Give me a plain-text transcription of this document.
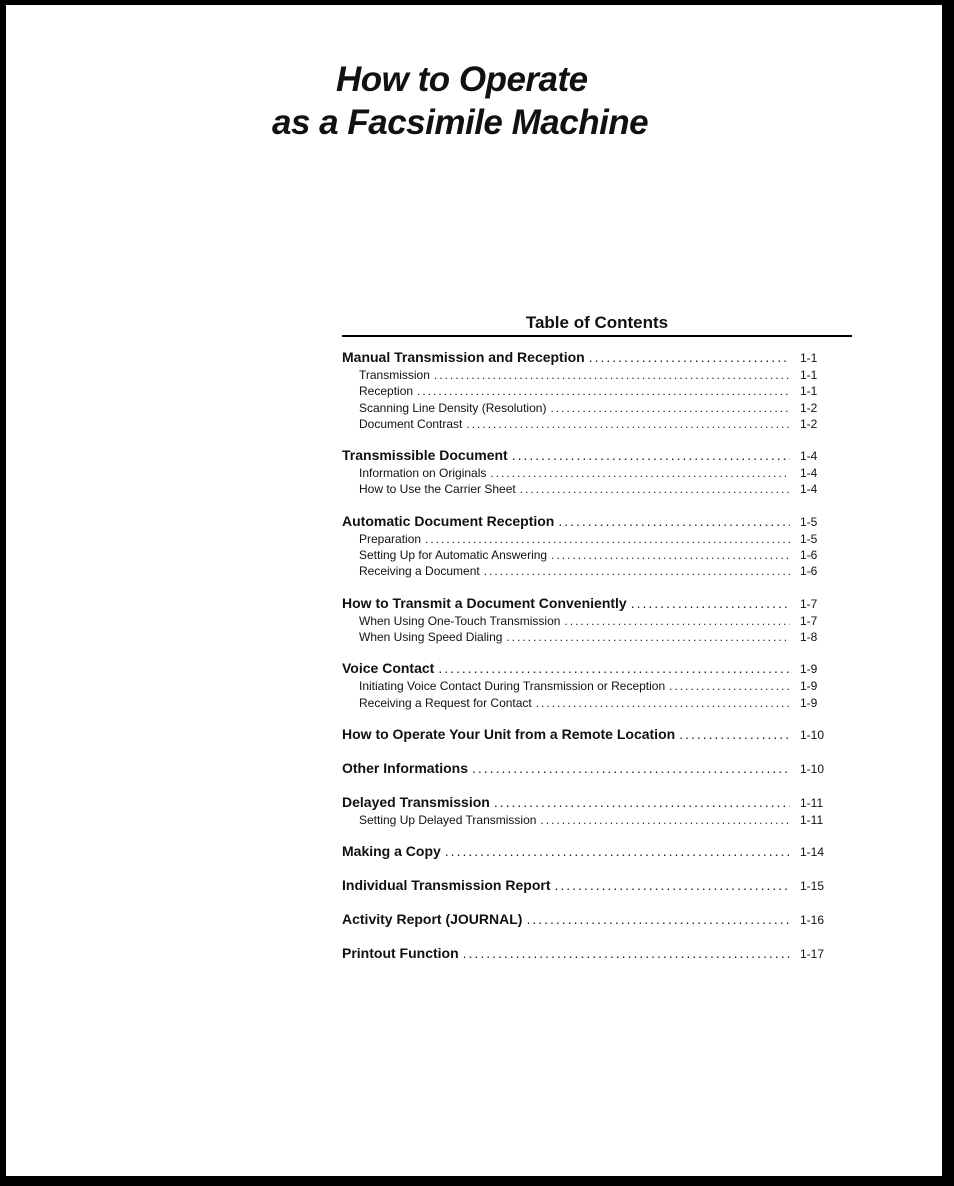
How to Operate
as a Facsimile Machine
Table of Contents
Manual Transmission and Reception .....	1-1
Transmission .....	1-1
Reception .....	1-1
Scanning Line Density (Resolution) .....	1-2
Document Contrast .....	1-2
Transmissible Document .....	1-4
Information on Originals .....	1-4
How to Use the Carrier Sheet .....	1-4
Automatic Document Reception .....	1-5
Preparation .....	1-5
Setting Up for Automatic Answering .....	1-6
Receiving a Document .....	1-6
How to Transmit a Document Conveniently .....	1-7
When Using One-Touch Transmission .....	1-7
When Using Speed Dialing .....	1-8
Voice Contact .....	1-9
Initiating Voice Contact During Transmission or Reception .....	1-9
Receiving a Request for Contact .....	1-9
How to Operate Your Unit from a Remote Location .....	1-10
Other Informations .....	1-10
Delayed Transmission .....	1-11
Setting Up Delayed Transmission .....	1-11
Making a Copy .....	1-14
Individual Transmission Report .....	1-15
Activity Report (JOURNAL) .....	1-16
Printout Function .....	1-17
